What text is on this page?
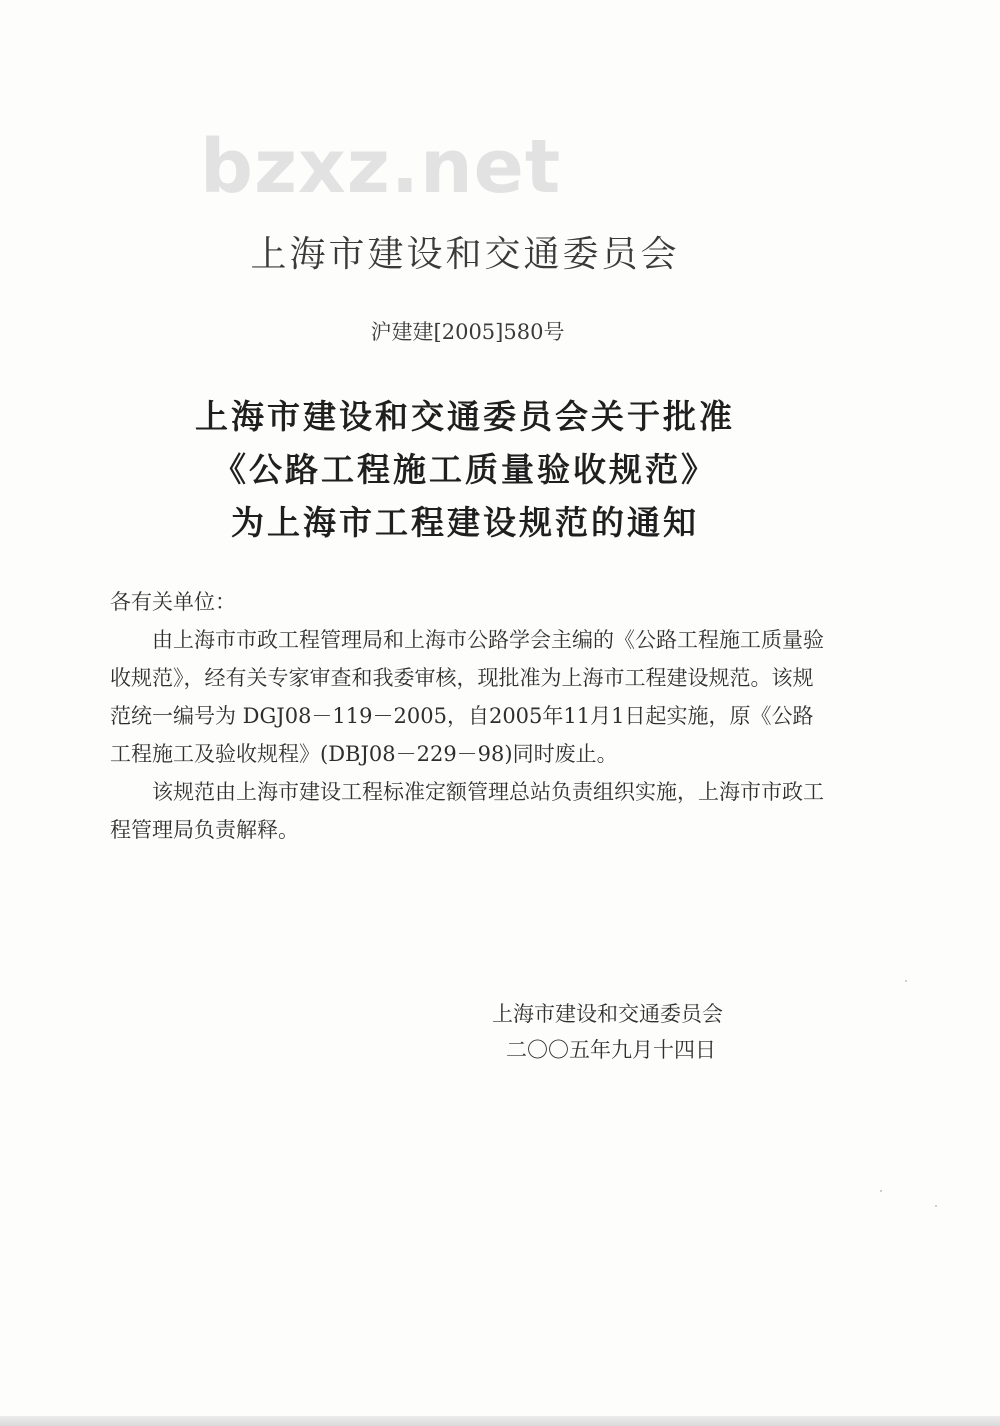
bzxz.net
上海市建设和交通委员会
沪建建[2005]580号
上海市建设和交通委员会关于批准
《公路工程施工质量验收规范》
为上海市工程建设规范的通知

各有关单位：

由上海市市政工程管理局和上海市公路学会主编的《公路工程施工质量验收规范》，经有关专家审查和我委审核，现批准为上海市工程建设规范。该规范统一编号为 DGJ08－119－2005，自2005年11月1日起实施，原《公路工程施工及验收规程》(DBJ08－229－98)同时废止。

该规范由上海市建设工程标准定额管理总站负责组织实施，上海市市政工程管理局负责解释。

上海市建设和交通委员会
二〇〇五年九月十四日
